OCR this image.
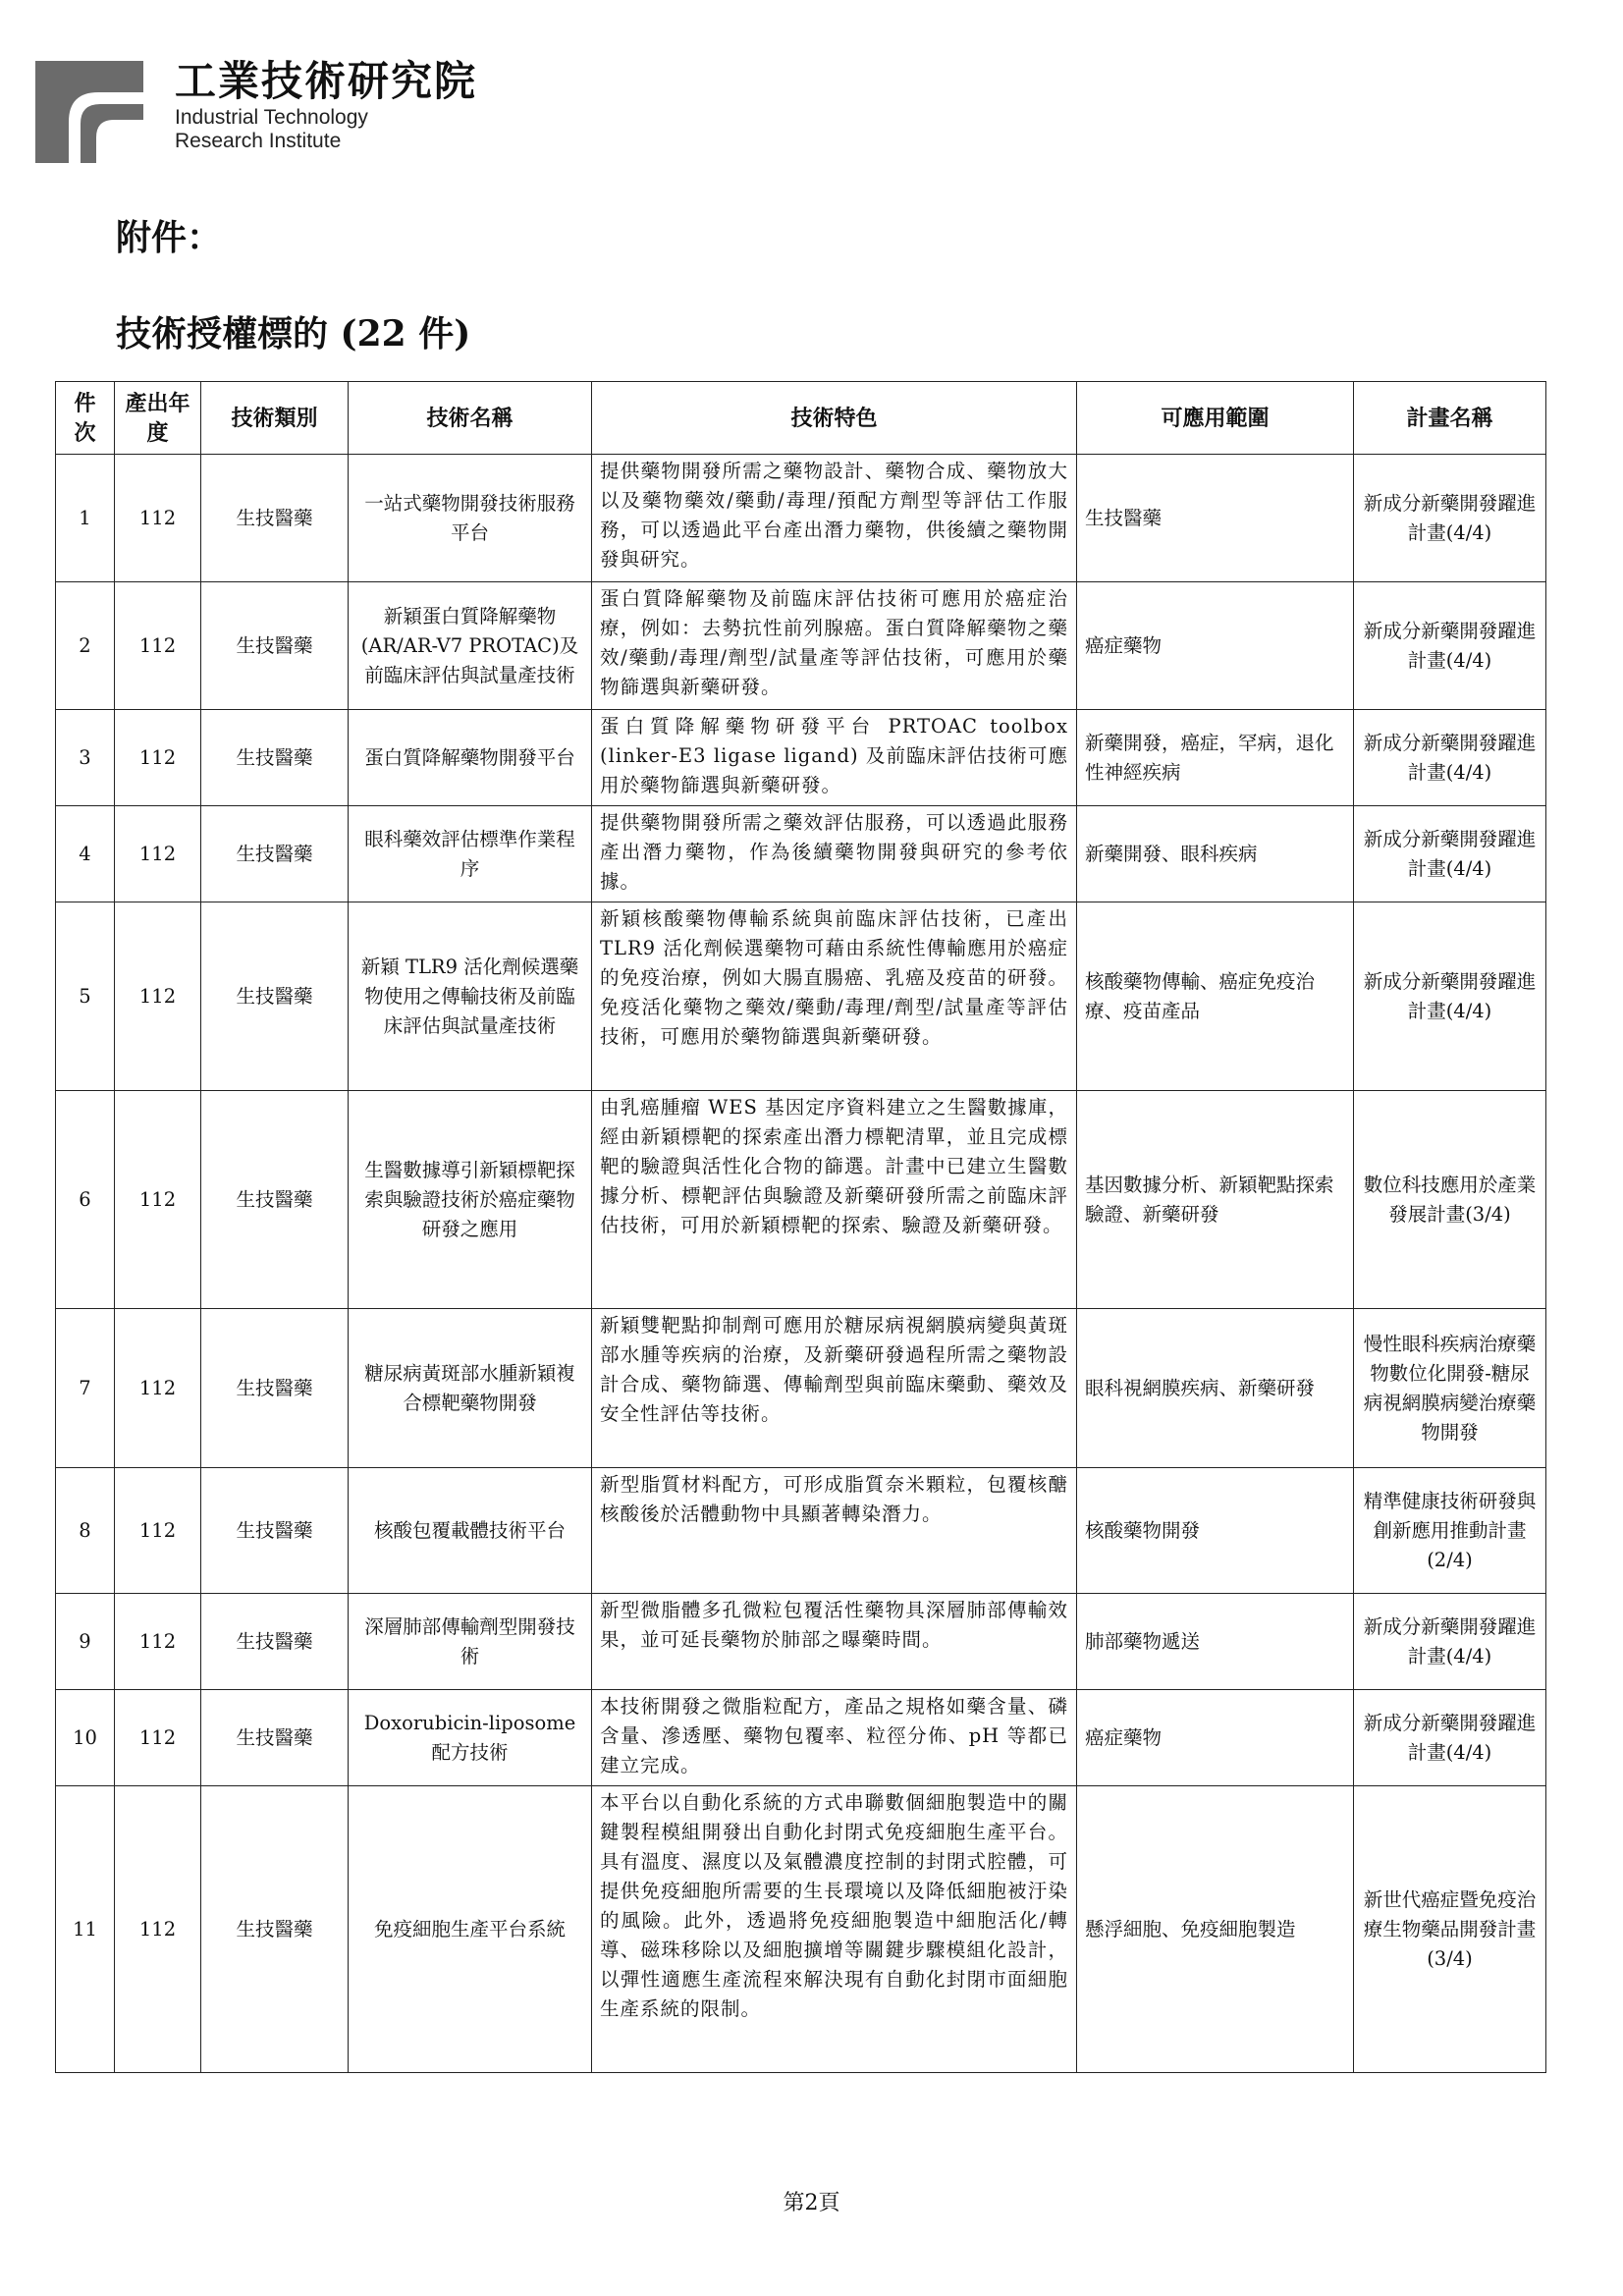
工業技術研究院
Industrial Technology
Research Institute
附件：
技術授權標的 (22 件)
件次	產出年度	技術類別	技術名稱	技術特色	可應用範圍	計畫名稱
1	112	生技醫藥	一站式藥物開發技術服務平台	提供藥物開發所需之藥物設計、藥物合成、藥物放大以及藥物藥效/藥動/毒理/預配方劑型等評估工作服務，可以透過此平台產出潛力藥物，供後續之藥物開發與研究。	生技醫藥	新成分新藥開發躍進計畫(4/4)
2	112	生技醫藥	新穎蛋白質降解藥物(AR/AR-V7 PROTAC)及前臨床評估與試量產技術	蛋白質降解藥物及前臨床評估技術可應用於癌症治療，例如：去勢抗性前列腺癌。蛋白質降解藥物之藥效/藥動/毒理/劑型/試量產等評估技術，可應用於藥物篩選與新藥研發。	癌症藥物	新成分新藥開發躍進計畫(4/4)
3	112	生技醫藥	蛋白質降解藥物開發平台	蛋白質降解藥物研發平台 PRTOAC toolbox (linker-E3 ligase ligand) 及前臨床評估技術可應用於藥物篩選與新藥研發。	新藥開發，癌症，罕病，退化性神經疾病	新成分新藥開發躍進計畫(4/4)
4	112	生技醫藥	眼科藥效評估標準作業程序	提供藥物開發所需之藥效評估服務，可以透過此服務產出潛力藥物，作為後續藥物開發與研究的參考依據。	新藥開發、眼科疾病	新成分新藥開發躍進計畫(4/4)
5	112	生技醫藥	新穎 TLR9 活化劑候選藥物使用之傳輸技術及前臨床評估與試量產技術	新穎核酸藥物傳輸系統與前臨床評估技術，已產出 TLR9 活化劑候選藥物可藉由系統性傳輸應用於癌症的免疫治療，例如大腸直腸癌、乳癌及疫苗的研發。免疫活化藥物之藥效/藥動/毒理/劑型/試量產等評估技術，可應用於藥物篩選與新藥研發。	核酸藥物傳輸、癌症免疫治療、疫苗產品	新成分新藥開發躍進計畫(4/4)
6	112	生技醫藥	生醫數據導引新穎標靶探索與驗證技術於癌症藥物研發之應用	由乳癌腫瘤 WES 基因定序資料建立之生醫數據庫，經由新穎標靶的探索產出潛力標靶清單，並且完成標靶的驗證與活性化合物的篩選。計畫中已建立生醫數據分析、標靶評估與驗證及新藥研發所需之前臨床評估技術，可用於新穎標靶的探索、驗證及新藥研發。	基因數據分析、新穎靶點探索驗證、新藥研發	數位科技應用於產業發展計畫(3/4)
7	112	生技醫藥	糖尿病黃斑部水腫新穎複合標靶藥物開發	新穎雙靶點抑制劑可應用於糖尿病視網膜病變與黃斑部水腫等疾病的治療，及新藥研發過程所需之藥物設計合成、藥物篩選、傳輸劑型與前臨床藥動、藥效及安全性評估等技術。	眼科視網膜疾病、新藥研發	慢性眼科疾病治療藥物數位化開發-糖尿病視網膜病變治療藥物開發
8	112	生技醫藥	核酸包覆載體技術平台	新型脂質材料配方，可形成脂質奈米顆粒，包覆核醣核酸後於活體動物中具顯著轉染潛力。	核酸藥物開發	精準健康技術研發與創新應用推動計畫(2/4)
9	112	生技醫藥	深層肺部傳輸劑型開發技術	新型微脂體多孔微粒包覆活性藥物具深層肺部傳輸效果，並可延長藥物於肺部之曝藥時間。	肺部藥物遞送	新成分新藥開發躍進計畫(4/4)
10	112	生技醫藥	Doxorubicin-liposome 配方技術	本技術開發之微脂粒配方，產品之規格如藥含量、磷含量、滲透壓、藥物包覆率、粒徑分佈、pH 等都已建立完成。	癌症藥物	新成分新藥開發躍進計畫(4/4)
11	112	生技醫藥	免疫細胞生產平台系統	本平台以自動化系統的方式串聯數個細胞製造中的關鍵製程模組開發出自動化封閉式免疫細胞生產平台。具有溫度、濕度以及氣體濃度控制的封閉式腔體，可提供免疫細胞所需要的生長環境以及降低細胞被汙染的風險。此外，透過將免疫細胞製造中細胞活化/轉導、磁珠移除以及細胞擴增等關鍵步驟模組化設計，以彈性適應生產流程來解決現有自動化封閉市面細胞生產系統的限制。	懸浮細胞、免疫細胞製造	新世代癌症暨免疫治療生物藥品開發計畫(3/4)
第2頁
